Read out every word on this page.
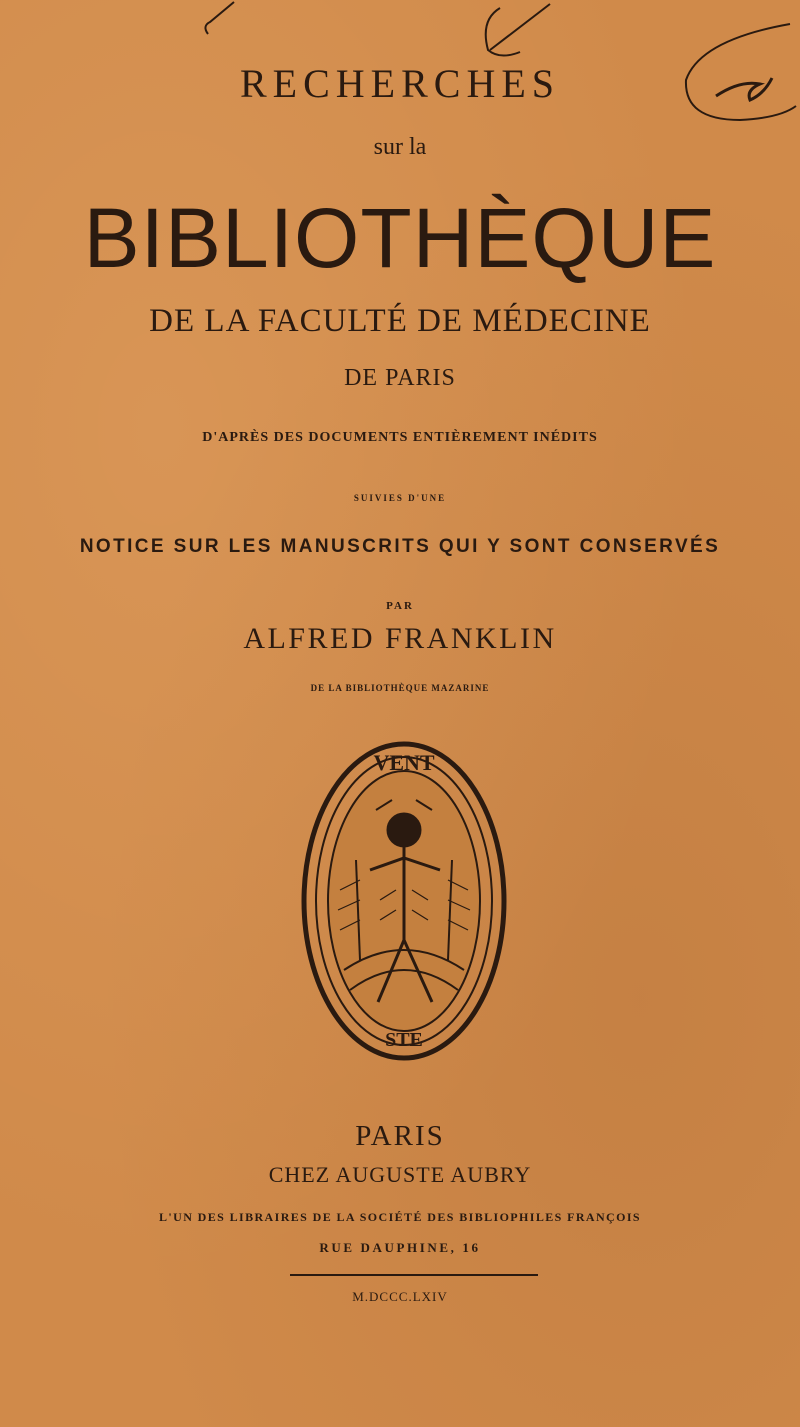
RECHERCHES
sur la
BIBLIOTHÈQUE
DE LA FACULTÉ DE MÉDECINE
DE PARIS
D'APRÈS DES DOCUMENTS ENTIÈREMENT INÉDITS
SUIVIES D'UNE
NOTICE SUR LES MANUSCRITS QUI Y SONT CONSERVÉS
PAR
ALFRED FRANKLIN
DE LA BIBLIOTHÈQUE MAZARINE
VENT
STE
PARIS
CHEZ AUGUSTE AUBRY
L'UN DES LIBRAIRES DE LA SOCIÉTÉ DES BIBLIOPHILES FRANÇOIS
RUE DAUPHINE, 16
M.DCCC.LXIV
